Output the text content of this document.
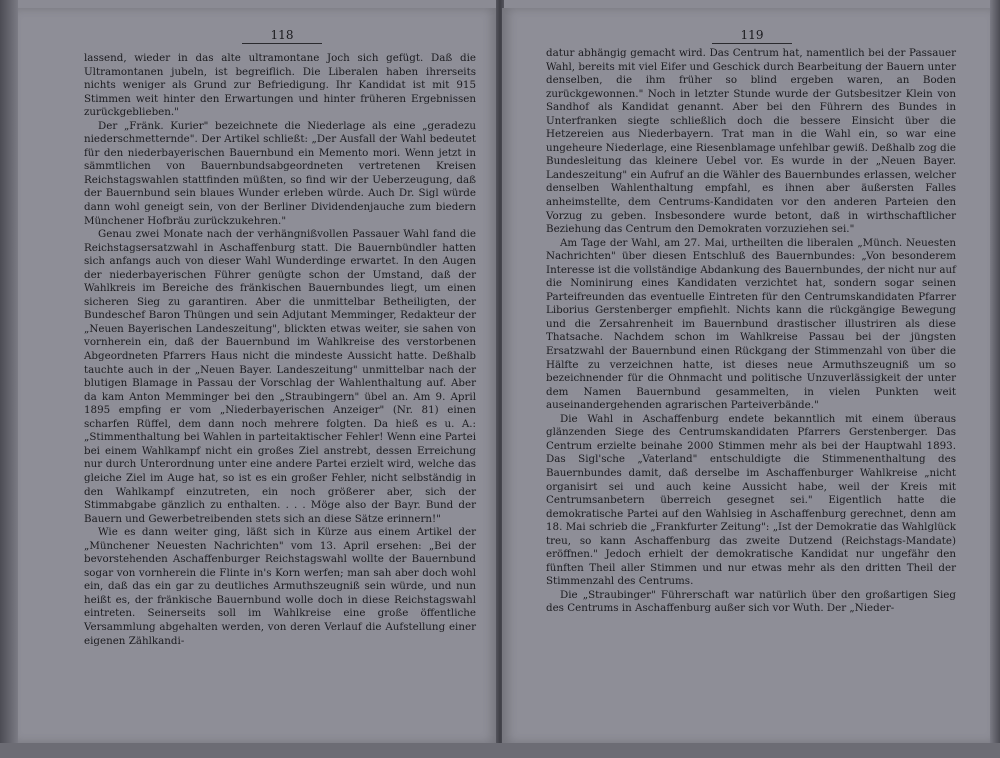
118

lassend, wieder in das alte ultramontane Joch sich gefügt. Daß die Ultramontanen jubeln, ist begreiflich. Die Liberalen haben ihrerseits nichts weniger als Grund zur Befriedigung. Ihr Kandidat ist mit 915 Stimmen weit hinter den Erwartungen und hinter früheren Ergebnissen zurückgeblieben."

Der „Fränk. Kurier" bezeichnete die Niederlage als eine „geradezu niederschmetternde". Der Artikel schließt: „Der Ausfall der Wahl bedeutet für den niederbayerischen Bauernbund ein Memento mori. Wenn jetzt in sämmtlichen von Bauernbundsabgeordneten vertretenen Kreisen Reichstagswahlen stattfinden müßten, so find wir der Ueberzeugung, daß der Bauernbund sein blaues Wunder erleben würde. Auch Dr. Sigl würde dann wohl geneigt sein, von der Berliner Dividendenjauche zum biedern Münchener Hofbräu zurückzukehren."

Genau zwei Monate nach der verhängnißvollen Passauer Wahl fand die Reichstagsersatzwahl in Aschaffenburg statt. Die Bauernbündler hatten sich anfangs auch von dieser Wahl Wunderdinge erwartet. In den Augen der niederbayerischen Führer genügte schon der Umstand, daß der Wahlkreis im Bereiche des fränkischen Bauernbundes liegt, um einen sicheren Sieg zu garantiren. Aber die unmittelbar Betheiligten, der Bundeschef Baron Thüngen und sein Adjutant Memminger, Redakteur der „Neuen Bayerischen Landeszeitung", blickten etwas weiter, sie sahen von vornherein ein, daß der Bauernbund im Wahlkreise des verstorbenen Abgeordneten Pfarrers Haus nicht die mindeste Aussicht hatte. Deßhalb tauchte auch in der „Neuen Bayer. Landeszeitung" unmittelbar nach der blutigen Blamage in Passau der Vorschlag der Wahlenthaltung auf. Aber da kam Anton Memminger bei den „Straubingern" übel an. Am 9. April 1895 empfing er vom „Niederbayerischen Anzeiger" (Nr. 81) einen scharfen Rüffel, dem dann noch mehrere folgten. Da hieß es u. A.: „Stimmenthaltung bei Wahlen in parteitaktischer Fehler! Wenn eine Partei bei einem Wahlkampf nicht ein großes Ziel anstrebt, dessen Erreichung nur durch Unterordnung unter eine andere Partei erzielt wird, welche das gleiche Ziel im Auge hat, so ist es ein großer Fehler, nicht selbständig in den Wahlkampf einzutreten, ein noch größerer aber, sich der Stimmabgabe gänzlich zu enthalten. . . . Möge also der Bayr. Bund der Bauern und Gewerbetreibenden stets sich an diese Sätze erinnern!"

Wie es dann weiter ging, läßt sich in Kürze aus einem Artikel der „Münchener Neuesten Nachrichten" vom 13. April ersehen: „Bei der bevorstehenden Aschaffenburger Reichstagswahl wollte der Bauernbund sogar von vornherein die Flinte in's Korn werfen; man sah aber doch wohl ein, daß das ein gar zu deutliches Armuthszeugniß sein würde, und nun heißt es, der fränkische Bauernbund wolle doch in diese Reichstagswahl eintreten. Seinerseits soll im Wahlkreise eine große öffentliche Versammlung abgehalten werden, von deren Verlauf die Aufstellung einer eigenen Zählkandi-

119

datur abhängig gemacht wird. Das Centrum hat, namentlich bei der Passauer Wahl, bereits mit viel Eifer und Geschick durch Bearbeitung der Bauern unter denselben, die ihm früher so blind ergeben waren, an Boden zurückgewonnen." Noch in letzter Stunde wurde der Gutsbesitzer Klein von Sandhof als Kandidat genannt. Aber bei den Führern des Bundes in Unterfranken siegte schließlich doch die bessere Einsicht über die Hetzereien aus Niederbayern. Trat man in die Wahl ein, so war eine ungeheure Niederlage, eine Riesenblamage unfehlbar gewiß. Deßhalb zog die Bundesleitung das kleinere Uebel vor. Es wurde in der „Neuen Bayer. Landeszeitung" ein Aufruf an die Wähler des Bauernbundes erlassen, welcher denselben Wahlenthaltung empfahl, es ihnen aber äußersten Falles anheimstellte, dem Centrums-Kandidaten vor den anderen Parteien den Vorzug zu geben. Insbesondere wurde betont, daß in wirthschaftlicher Beziehung das Centrum den Demokraten vorzuziehen sei."

Am Tage der Wahl, am 27. Mai, urtheilten die liberalen „Münch. Neuesten Nachrichten" über diesen Entschluß des Bauernbundes: „Von besonderem Interesse ist die vollständige Abdankung des Bauernbundes, der nicht nur auf die Nominirung eines Kandidaten verzichtet hat, sondern sogar seinen Parteifreunden das eventuelle Eintreten für den Centrumskandidaten Pfarrer Liborius Gerstenberger empfiehlt. Nichts kann die rückgängige Bewegung und die Zersahrenheit im Bauernbund drastischer illustriren als diese Thatsache. Nachdem schon im Wahlkreise Passau bei der jüngsten Ersatzwahl der Bauernbund einen Rückgang der Stimmenzahl von über die Hälfte zu verzeichnen hatte, ist dieses neue Armuthszeugniß um so bezeichnender für die Ohnmacht und politische Unzuverlässigkeit der unter dem Namen Bauernbund gesammelten, in vielen Punkten weit auseinandergehenden agrarischen Parteiverbände."

Die Wahl in Aschaffenburg endete bekanntlich mit einem überaus glänzenden Siege des Centrumskandidaten Pfarrers Gerstenberger. Das Centrum erzielte beinahe 2000 Stimmen mehr als bei der Hauptwahl 1893. Das Sigl'sche „Vaterland" entschuldigte die Stimmenenthaltung des Bauernbundes damit, daß derselbe im Aschaffenburger Wahlkreise „nicht organisirt sei und auch keine Aussicht habe, weil der Kreis mit Centrumsanbetern überreich gesegnet sei." Eigentlich hatte die demokratische Partei auf den Wahlsieg in Aschaffenburg gerechnet, denn am 18. Mai schrieb die „Frankfurter Zeitung": „Ist der Demokratie das Wahlglück treu, so kann Aschaffenburg das zweite Dutzend (Reichstags-Mandate) eröffnen." Jedoch erhielt der demokratische Kandidat nur ungefähr den fünften Theil aller Stimmen und nur etwas mehr als den dritten Theil der Stimmenzahl des Centrums.

Die „Straubinger" Führerschaft war natürlich über den großartigen Sieg des Centrums in Aschaffenburg außer sich vor Wuth. Der „Nieder-
